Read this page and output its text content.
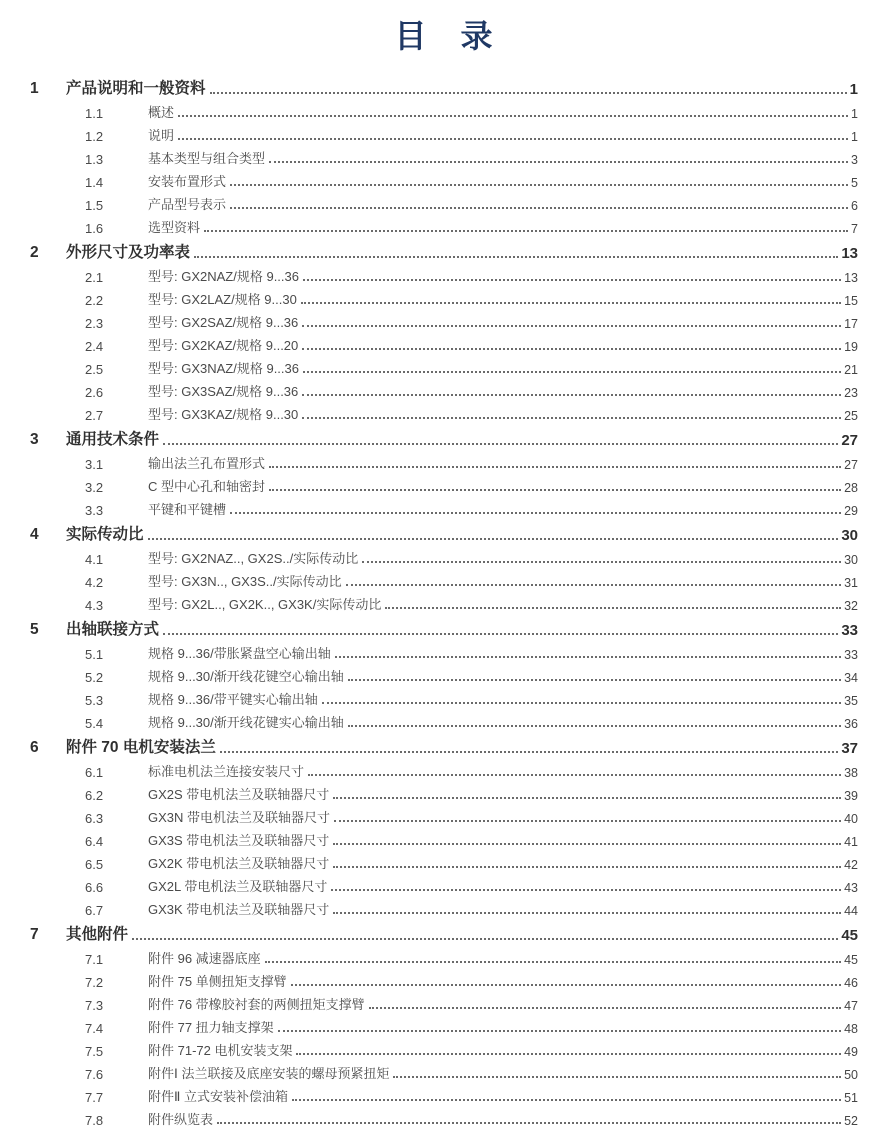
目　录
1	产品说明和一般资料	1
1.1	概述	1
1.2	说明	1
1.3	基本类型与组合类型	3
1.4	安装布置形式	5
1.5	产品型号表示	6
1.6	选型资料	7
2	外形尺寸及功率表	13
2.1	型号: GX2NAZ/规格 9...36	13
2.2	型号: GX2LAZ/规格 9...30	15
2.3	型号: GX2SAZ/规格 9...36	17
2.4	型号: GX2KAZ/规格 9...20	19
2.5	型号: GX3NAZ/规格 9...36	21
2.6	型号: GX3SAZ/规格 9...36	23
2.7	型号: GX3KAZ/规格 9...30	25
3	通用技术条件	27
3.1	输出法兰孔布置形式	27
3.2	C 型中心孔和轴密封	28
3.3	平键和平键槽	29
4	实际传动比	30
4.1	型号: GX2NAZ.., GX2S../实际传动比	30
4.2	型号: GX3N.., GX3S../实际传动比	31
4.3	型号: GX2L.., GX2K.., GX3K/实际传动比	32
5	出轴联接方式	33
5.1	规格 9...36/带胀紧盘空心输出轴	33
5.2	规格 9...30/渐开线花键空心输出轴	34
5.3	规格 9...36/带平键实心输出轴	35
5.4	规格 9...30/渐开线花键实心输出轴	36
6	附件 70 电机安装法兰	37
6.1	标准电机法兰连接安装尺寸	38
6.2	GX2S 带电机法兰及联轴器尺寸	39
6.3	GX3N 带电机法兰及联轴器尺寸	40
6.4	GX3S 带电机法兰及联轴器尺寸	41
6.5	GX2K 带电机法兰及联轴器尺寸	42
6.6	GX2L 带电机法兰及联轴器尺寸	43
6.7	GX3K 带电机法兰及联轴器尺寸	44
7	其他附件	45
7.1	附件 96 减速器底座	45
7.2	附件 75 单侧扭矩支撑臂	46
7.3	附件 76 带橡胶衬套的两侧扭矩支撑臂	47
7.4	附件 77 扭力轴支撑架	48
7.5	附件 71-72 电机安装支架	49
7.6	附件Ⅰ 法兰联接及底座安装的螺母预紧扭矩	50
7.7	附件Ⅱ 立式安装补偿油箱	51
7.8	附件纵览表	52
